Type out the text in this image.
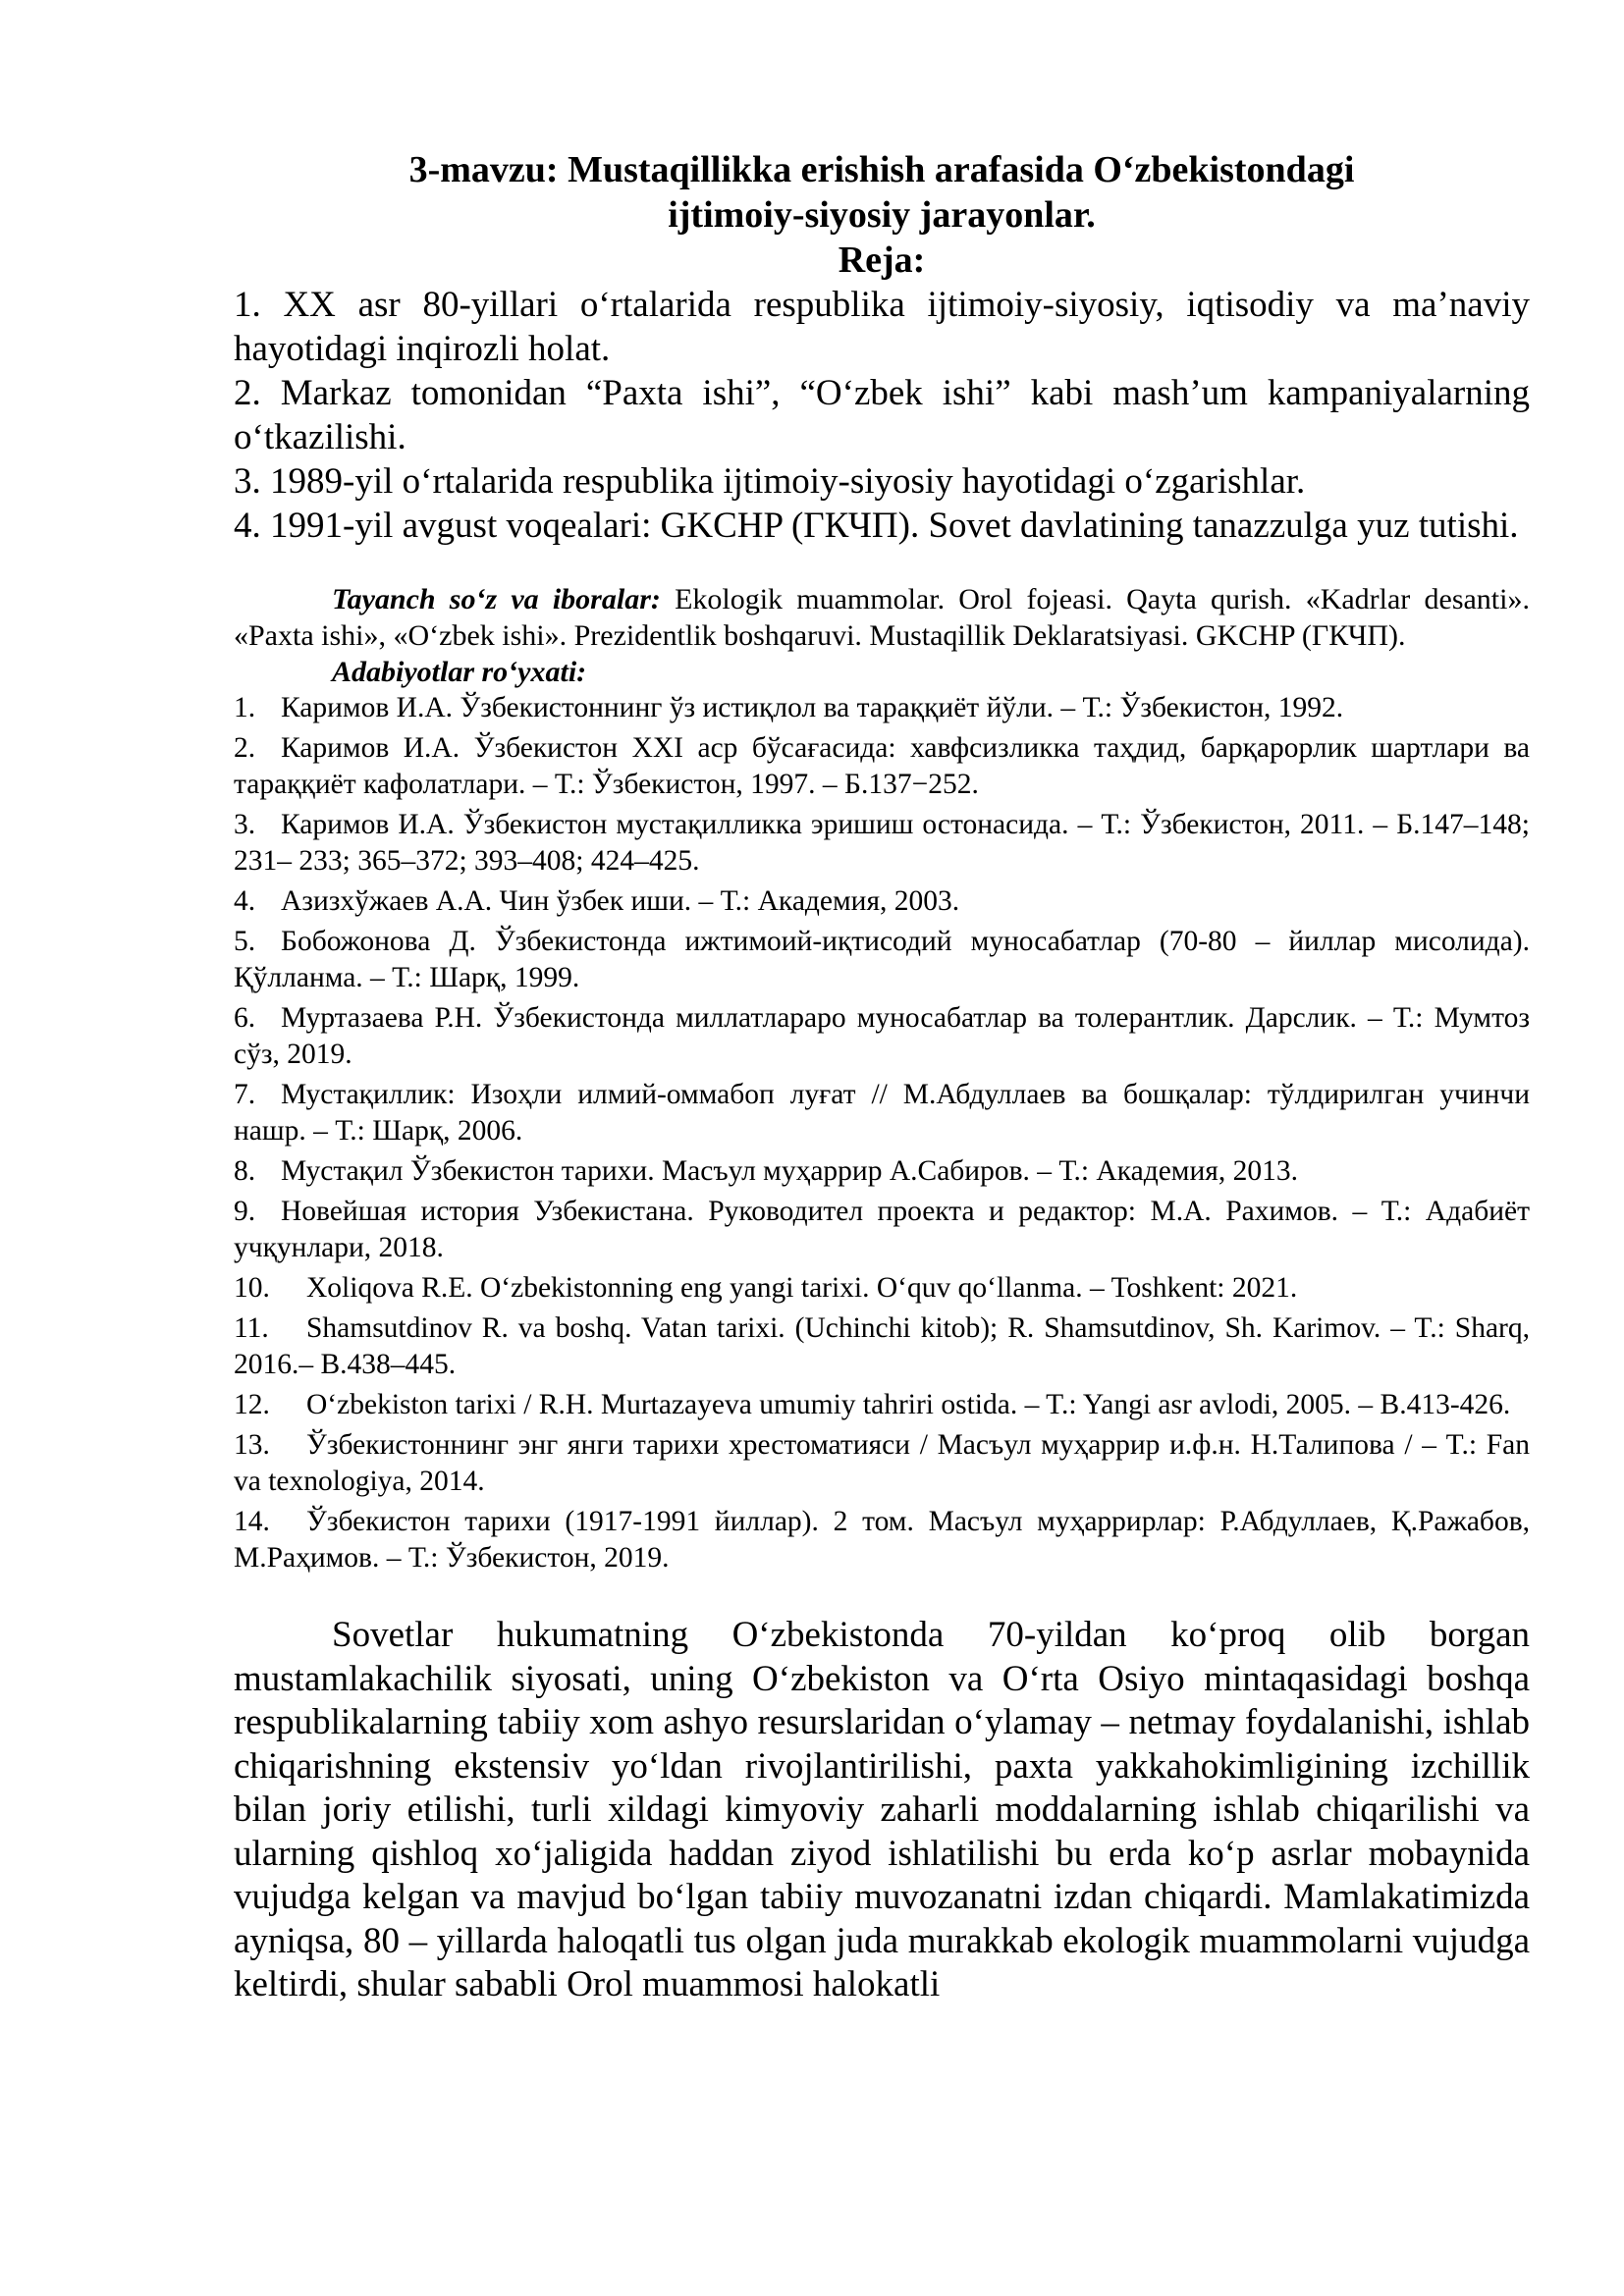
3-mavzu: Mustaqillikka erishish arafasida O‘zbekistondagi

ijtimoiy-siyosiy jarayonlar.

Reja:

1. XX asr 80-yillari o‘rtalarida respublika ijtimoiy-siyosiy, iqtisodiy va ma’naviy hayotidagi inqirozli holat.
2. Markaz tomonidan “Paxta ishi”, “O‘zbek ishi” kabi mash’um kampaniyalarning o‘tkazilishi.
3. 1989-yil o‘rtalarida respublika ijtimoiy-siyosiy hayotidagi o‘zgarishlar.
4. 1991-yil avgust voqealari: GKCHP (ГКЧП). Sovet davlatining tanazzulga yuz tutishi.

Tayanch so‘z va iboralar: Ekologik muammolar. Orol fojeasi. Qayta qurish. «Kadrlar desanti». «Paxta ishi», «O‘zbek ishi». Prezidentlik boshqaruvi. Mustaqillik Deklaratsiyasi. GKCHP (ГКЧП).

Adabiyotlar ro‘yxati:

1. Каримов И.А. Ўзбекистоннинг ўз истиқлол ва тараққиёт йўли. – Т.: Ўзбекистон, 1992.
2. Каримов И.А. Ўзбекистон XXI аср бўсағасида: хавфсизликка таҳдид, барқарорлик шартлари ва тараққиёт кафолатлари. – Т.: Ўзбекистон, 1997. – Б.137−252.
3. Каримов И.А. Ўзбекистон мустақилликка эришиш остонасида. – Т.: Ўзбекистон, 2011. – Б.147–148; 231– 233; 365–372; 393–408; 424–425.
4. Азизхўжаев А.А. Чин ўзбек иши. – Т.: Академия, 2003.
5. Бобожонова Д. Ўзбекистонда ижтимоий-иқтисодий муносабатлар (70-80 – йиллар мисолида). Қўлланма. – Т.: Шарқ, 1999.
6. Муртазаева Р.Н. Ўзбекистонда миллатлараро муносабатлар ва толерантлик. Дарслик. – Т.: Мумтоз сўз, 2019.
7. Мустақиллик: Изоҳли илмий-оммабоп луғат // М.Абдуллаев ва бошқалар: тўлдирилган учинчи нашр. – Т.: Шарқ, 2006.
8. Мустақил Ўзбекистон тарихи. Масъул муҳаррир А.Сабиров. – Т.: Академия, 2013.
9. Новейшая история Узбекистана. Руководител проекта и редактор: М.А. Рахимов. – Т.: Адабиёт учқунлари, 2018.
10. Xoliqova R.E. O‘zbekistonning eng yangi tarixi. O‘quv qo‘llanma. – Toshkent: 2021.
11. Shamsutdinov R. va boshq. Vatan tarixi. (Uchinchi kitob); R. Shamsutdinov, Sh. Karimov. – T.: Sharq, 2016.– B.438–445.
12. O‘zbekiston tarixi / R.H. Murtazayeva umumiy tahriri ostida. – T.: Yangi asr avlodi, 2005. – B.413-426.
13. Ўзбекистоннинг энг янги тарихи хрестоматияси / Масъул муҳаррир и.ф.н. Н.Талипова / – T.: Fan va texnologiya, 2014.
14. Ўзбекистон тарихи (1917-1991 йиллар). 2 том. Масъул муҳаррирлар: Р.Абдуллаев, Қ.Ражабов, М.Раҳимов. – Т.: Ўзбекистон, 2019.

Sovetlar hukumatning O‘zbekistonda 70-yildan ko‘proq olib borgan mustamlakachilik siyosati, uning O‘zbekiston va O‘rta Osiyo mintaqasidagi boshqa respublikalarning tabiiy xom ashyo resurslaridan o‘ylamay – netmay foydalanishi, ishlab chiqarishning ekstensiv yo‘ldan rivojlantirilishi, paxta yakkahokimligining izchillik bilan joriy etilishi, turli xildagi kimyoviy zaharli moddalarning ishlab chiqarilishi va ularning qishloq xo‘jaligida haddan ziyod ishlatilishi bu erda ko‘p asrlar mobaynida vujudga kelgan va mavjud bo‘lgan tabiiy muvozanatni izdan chiqardi. Mamlakatimizda ayniqsa, 80 – yillarda haloqatli tus olgan juda murakkab ekologik muammolarni vujudga keltirdi, shular sababli Orol muammosi halokatli
